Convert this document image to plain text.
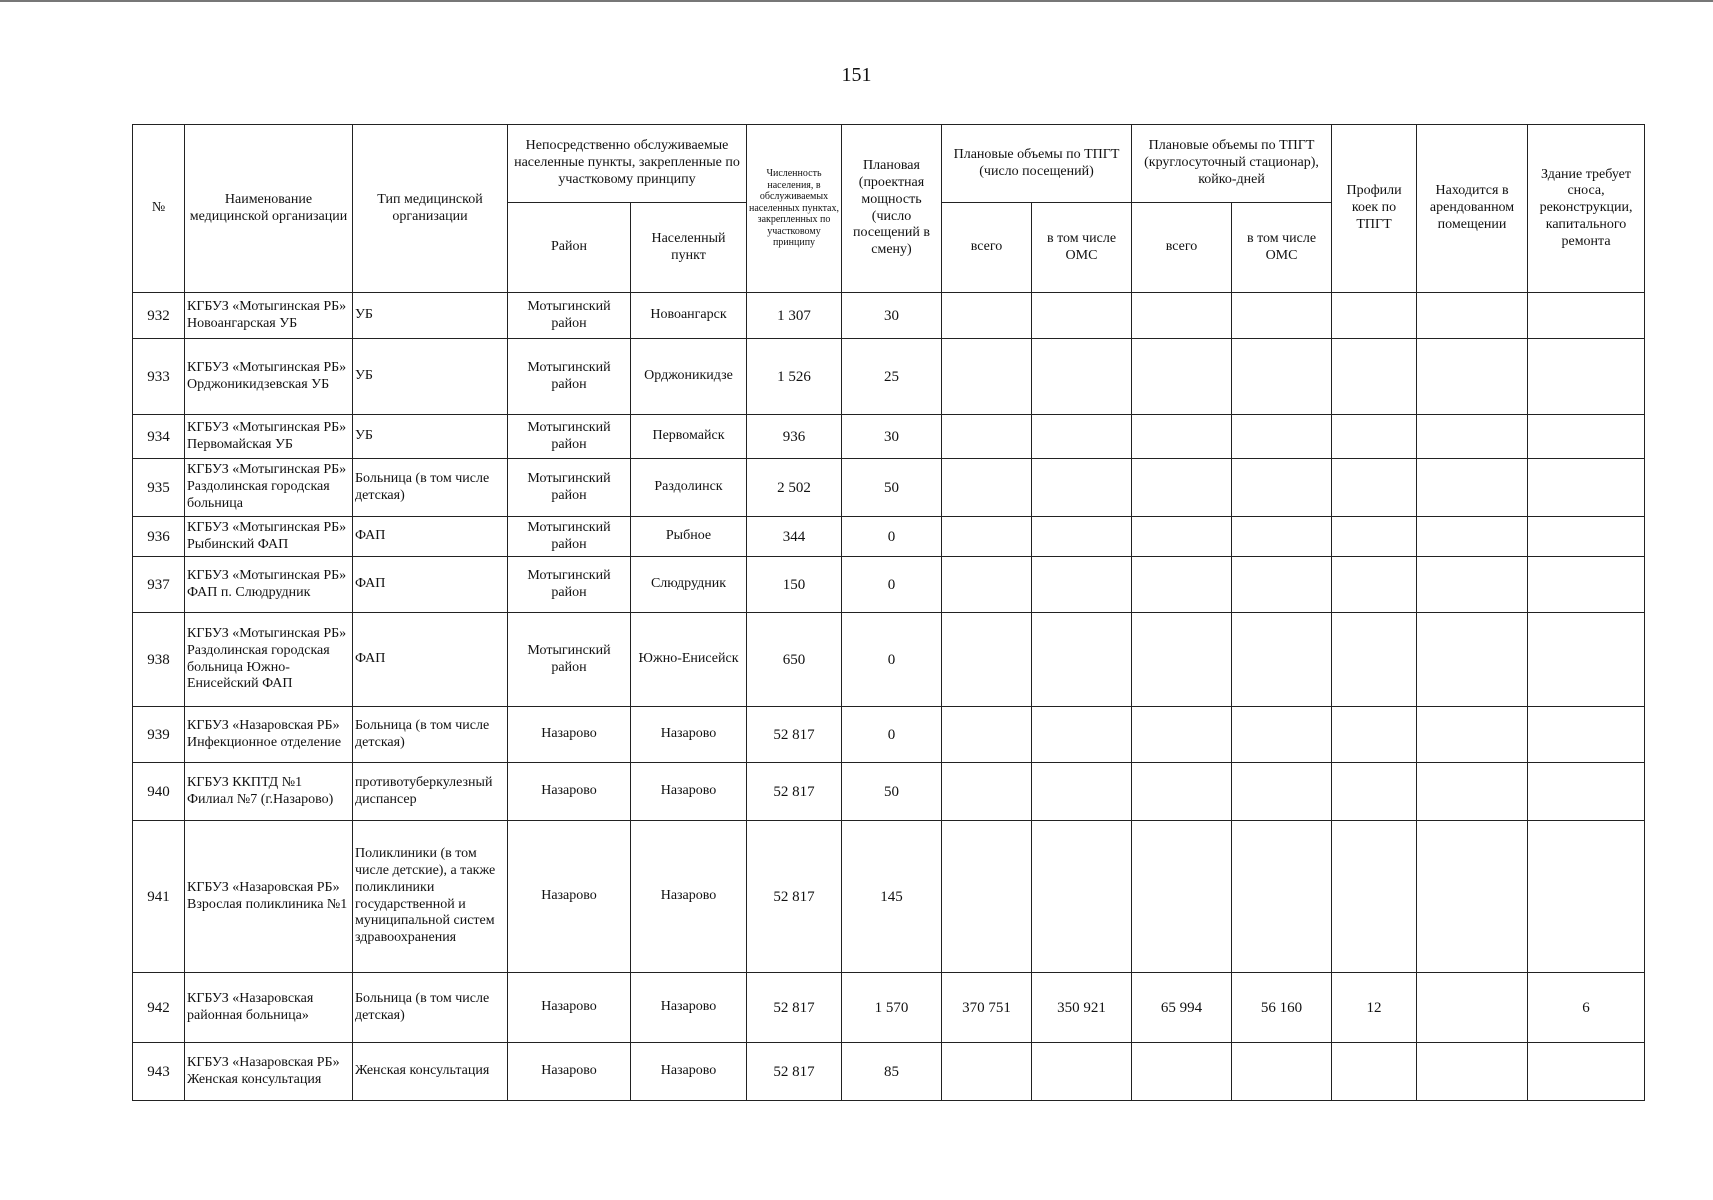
151
№	Наименование медицинской организации	Тип медицинской организации	Непосредственно обслуживаемые населенные пункты, закрепленные по участковому принципу		Численность населения, в обслуживаемых населенных пунктах, закрепленных по участковому принципу	Плановая (проектная мощность (число посещений в смену)	Плановые объемы по ТПГТ (число посещений)		Плановые объемы по ТПГТ (круглосуточный стационар), койко-дней		Профили коек по ТПГТ	Находится в арендованном помещении	Здание требует сноса, реконструкции, капитального ремонта
			Район	Населенный пункт			всего	в том числе ОМС	всего	в том числе ОМС			
932	КГБУЗ «Мотыгинская РБ» Новоангарская УБ	УБ	Мотыгинский район	Новоангарск	1 307	30							
933	КГБУЗ «Мотыгинская РБ» Орджоникидзевская УБ	УБ	Мотыгинский район	Орджоникидзе	1 526	25							
934	КГБУЗ «Мотыгинская РБ» Первомайская УБ	УБ	Мотыгинский район	Первомайск	936	30							
935	КГБУЗ «Мотыгинская РБ» Раздолинская городская больница	Больница (в том числе детская)	Мотыгинский район	Раздолинск	2 502	50							
936	КГБУЗ «Мотыгинская РБ» Рыбинский ФАП	ФАП	Мотыгинский район	Рыбное	344	0							
937	КГБУЗ «Мотыгинская РБ» ФАП п. Слюдрудник	ФАП	Мотыгинский район	Слюдрудник	150	0							
938	КГБУЗ «Мотыгинская РБ» Раздолинская городская больница Южно-Енисейский ФАП	ФАП	Мотыгинский район	Южно-Енисейск	650	0							
939	КГБУЗ «Назаровская РБ» Инфекционное отделение	Больница (в том числе детская)	Назарово	Назарово	52 817	0							
940	КГБУЗ ККПТД №1 Филиал №7 (г.Назарово)	противотуберкулезный диспансер	Назарово	Назарово	52 817	50							
941	КГБУЗ «Назаровская РБ» Взрослая поликлиника №1	Поликлиники (в том числе детские), а также поликлиники государственной и муниципальной систем здравоохранения	Назарово	Назарово	52 817	145							
942	КГБУЗ «Назаровская районная больница»	Больница (в том числе детская)	Назарово	Назарово	52 817	1 570	370 751	350 921	65 994	56 160	12		6
943	КГБУЗ «Назаровская РБ» Женская консультация	Женская консультация	Назарово	Назарово	52 817	85							
